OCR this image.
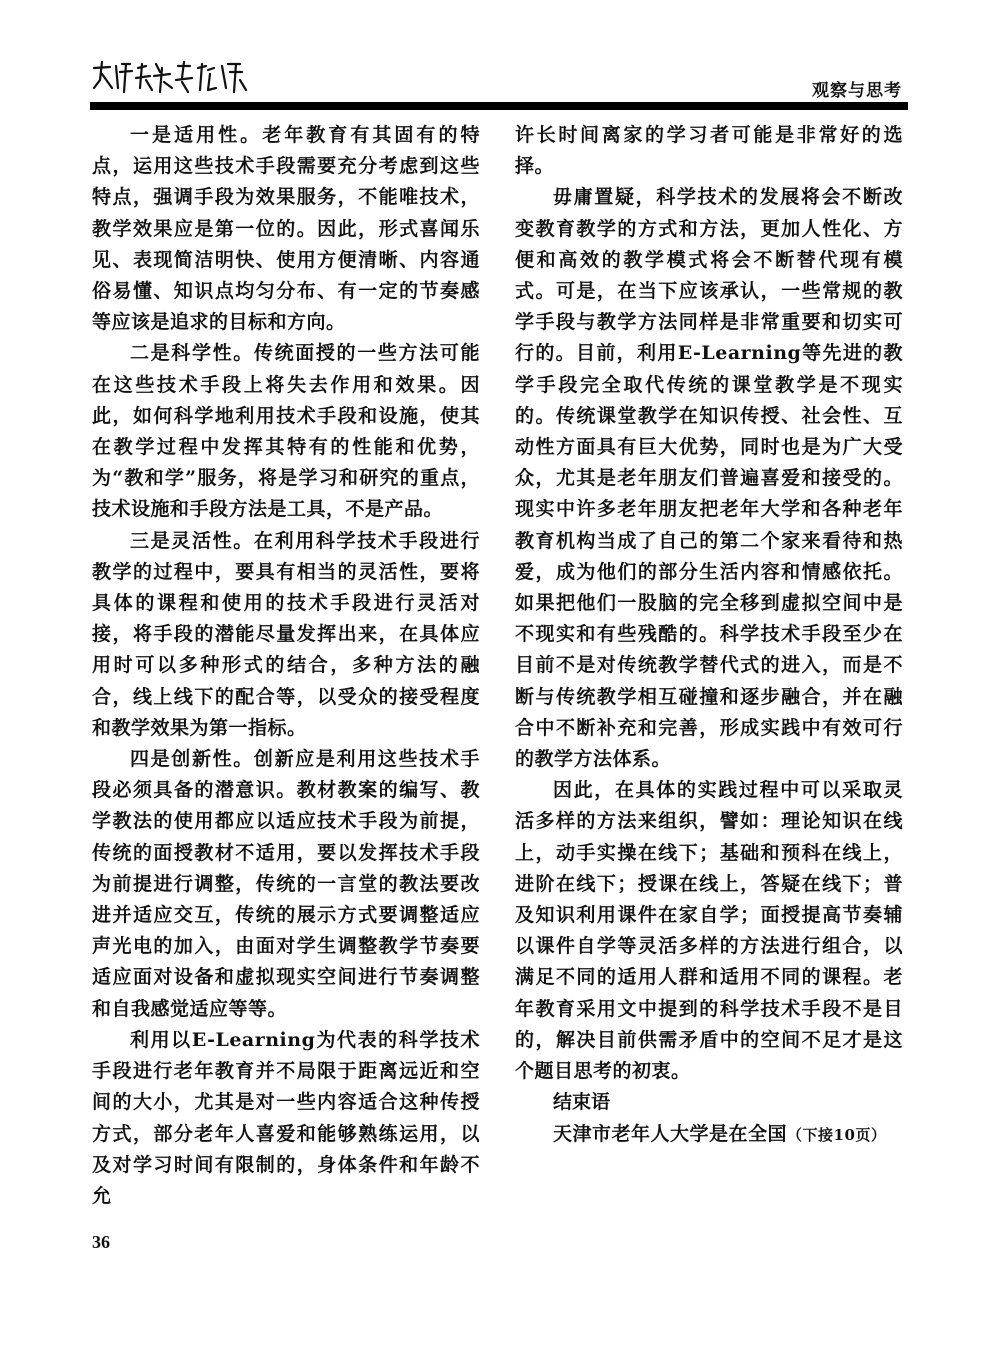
天津老年教育论坛
观察与思考

一是适用性。老年教育有其固有的特点，运用这些技术手段需要充分考虑到这些特点，强调手段为效果服务，不能唯技术，教学效果应是第一位的。因此，形式喜闻乐见、表现简洁明快、使用方便清晰、内容通俗易懂、知识点均匀分布、有一定的节奏感等应该是追求的目标和方向。

二是科学性。传统面授的一些方法可能在这些技术手段上将失去作用和效果。因此，如何科学地利用技术手段和设施，使其在教学过程中发挥其特有的性能和优势，为“教和学”服务，将是学习和研究的重点，技术设施和手段方法是工具，不是产品。

三是灵活性。在利用科学技术手段进行教学的过程中，要具有相当的灵活性，要将具体的课程和使用的技术手段进行灵活对接，将手段的潜能尽量发挥出来，在具体应用时可以多种形式的结合，多种方法的融合，线上线下的配合等，以受众的接受程度和教学效果为第一指标。

四是创新性。创新应是利用这些技术手段必须具备的潜意识。教材教案的编写、教学教法的使用都应以适应技术手段为前提，传统的面授教材不适用，要以发挥技术手段为前提进行调整，传统的一言堂的教法要改进并适应交互，传统的展示方式要调整适应声光电的加入，由面对学生调整教学节奏要适应面对设备和虚拟现实空间进行节奏调整和自我感觉适应等等。

利用以E-Learning为代表的科学技术手段进行老年教育并不局限于距离远近和空间的大小，尤其是对一些内容适合这种传授方式，部分老年人喜爱和能够熟练运用，以及对学习时间有限制的，身体条件和年龄不允

许长时间离家的学习者可能是非常好的选择。

毋庸置疑，科学技术的发展将会不断改变教育教学的方式和方法，更加人性化、方便和高效的教学模式将会不断替代现有模式。可是，在当下应该承认，一些常规的教学手段与教学方法同样是非常重要和切实可行的。目前，利用E-Learning等先进的教学手段完全取代传统的课堂教学是不现实的。传统课堂教学在知识传授、社会性、互动性方面具有巨大优势，同时也是为广大受众，尤其是老年朋友们普遍喜爱和接受的。现实中许多老年朋友把老年大学和各种老年教育机构当成了自己的第二个家来看待和热爱，成为他们的部分生活内容和情感依托。如果把他们一股脑的完全移到虚拟空间中是不现实和有些残酷的。科学技术手段至少在目前不是对传统教学替代式的进入，而是不断与传统教学相互碰撞和逐步融合，并在融合中不断补充和完善，形成实践中有效可行的教学方法体系。

因此，在具体的实践过程中可以采取灵活多样的方法来组织，譬如：理论知识在线上，动手实操在线下；基础和预科在线上，进阶在线下；授课在线上，答疑在线下；普及知识利用课件在家自学；面授提高节奏辅以课件自学等灵活多样的方法进行组合，以满足不同的适用人群和适用不同的课程。老年教育采用文中提到的科学技术手段不是目的，解决目前供需矛盾中的空间不足才是这个题目思考的初衷。

结束语

天津市老年人大学是在全国（下接10页）

36
